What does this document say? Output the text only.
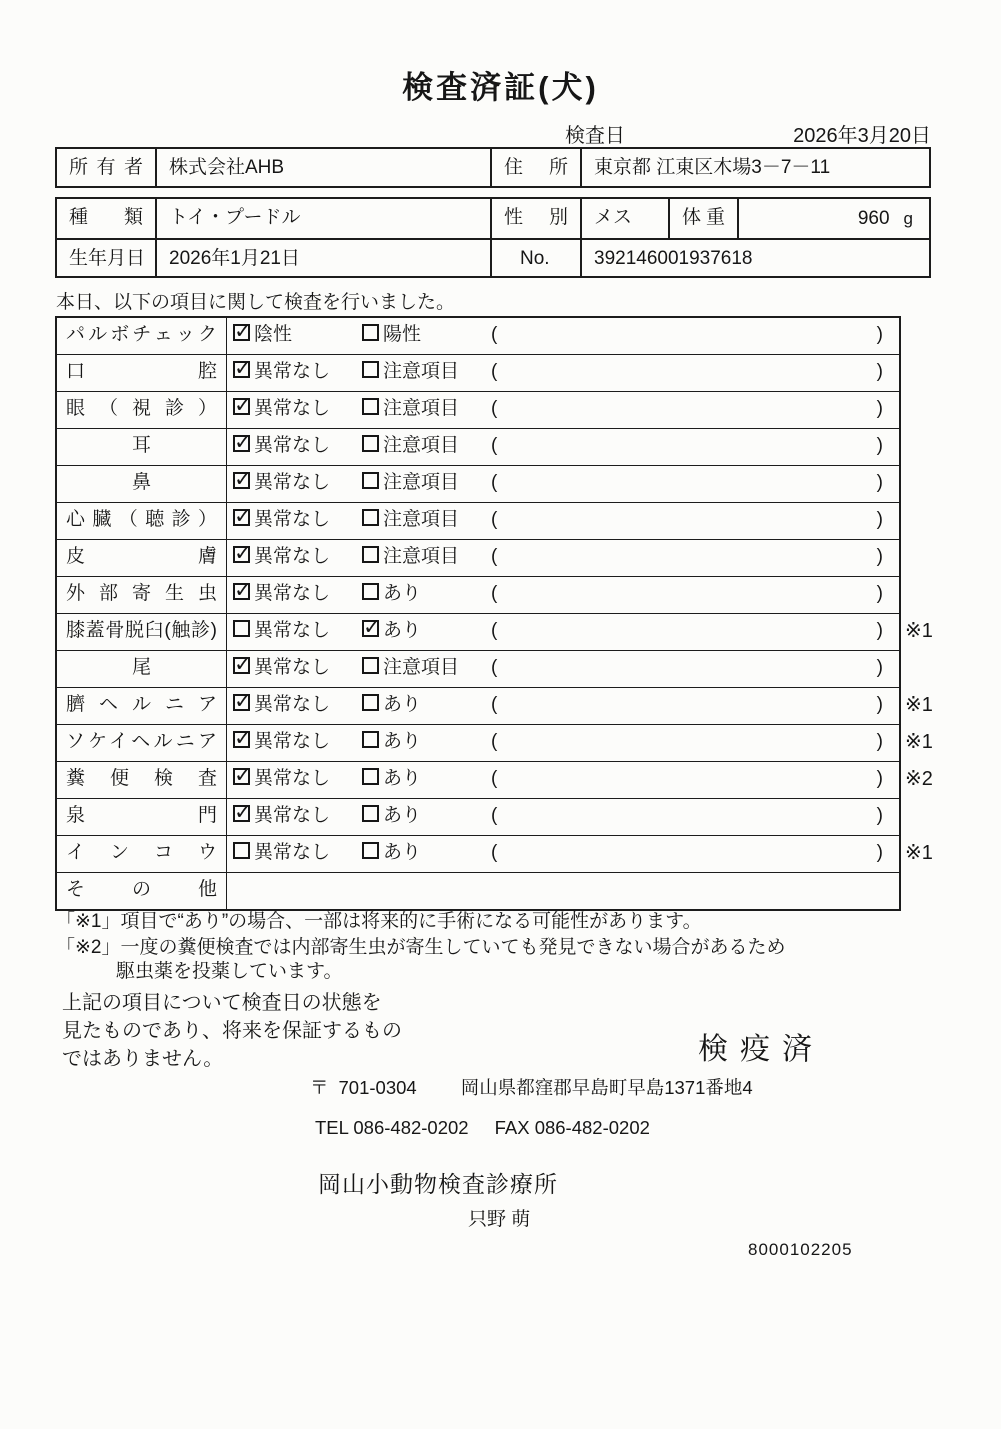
検査済証(犬)
検査日	2026年3月20日
所有者	株式会社AHB	住所	東京都 江東区木場3－7－11
種類	トイ・プードル	性別	メス	体重	960 g
生年月日	2026年1月21日	No.	392146001937618
本日、以下の項目に関して検査を行いました。
パルボチェック ✓	陰性	陽性	(	)
口腔 ✓	異常なし	注意項目 (	)
眼（視診） ✓	異常なし	注意項目 (	)
耳 ✓	異常なし	注意項目 (	)
鼻 ✓	異常なし	注意項目 (	)
心臓（聴診） ✓	異常なし	注意項目 (	)
皮膚 ✓	異常なし	注意項目 (	)
外部寄生虫 ✓	異常なし	あり	(	)
膝蓋骨脱臼(触診)	異常なし ✓	あり	(	) ※1
尾 ✓	異常なし	注意項目 (	)
臍ヘルニア ✓	異常なし	あり	(	) ※1
ソケイヘルニア ✓	異常なし	あり	(	) ※1
糞便検査 ✓	異常なし	あり	(	) ※2
泉門 ✓	異常なし	あり	(	)
インコウ	異常なし	あり	(	) ※1
その他
「※1」項目で“あり”の場合、一部は将来的に手術になる可能性があります。
「※2」一度の糞便検査では内部寄生虫が寄生していても発見できない場合があるため
駆虫薬を投薬しています。
上記の項目について検査日の状態を
見たものであり、将来を保証するもの
ではありません。	検疫済
〒 701-0304 岡山県都窪郡早島町早島1371番地4
TEL 086-482-0202 FAX 086-482-0202
岡山小動物検査診療所
只野 萌
8000102205
